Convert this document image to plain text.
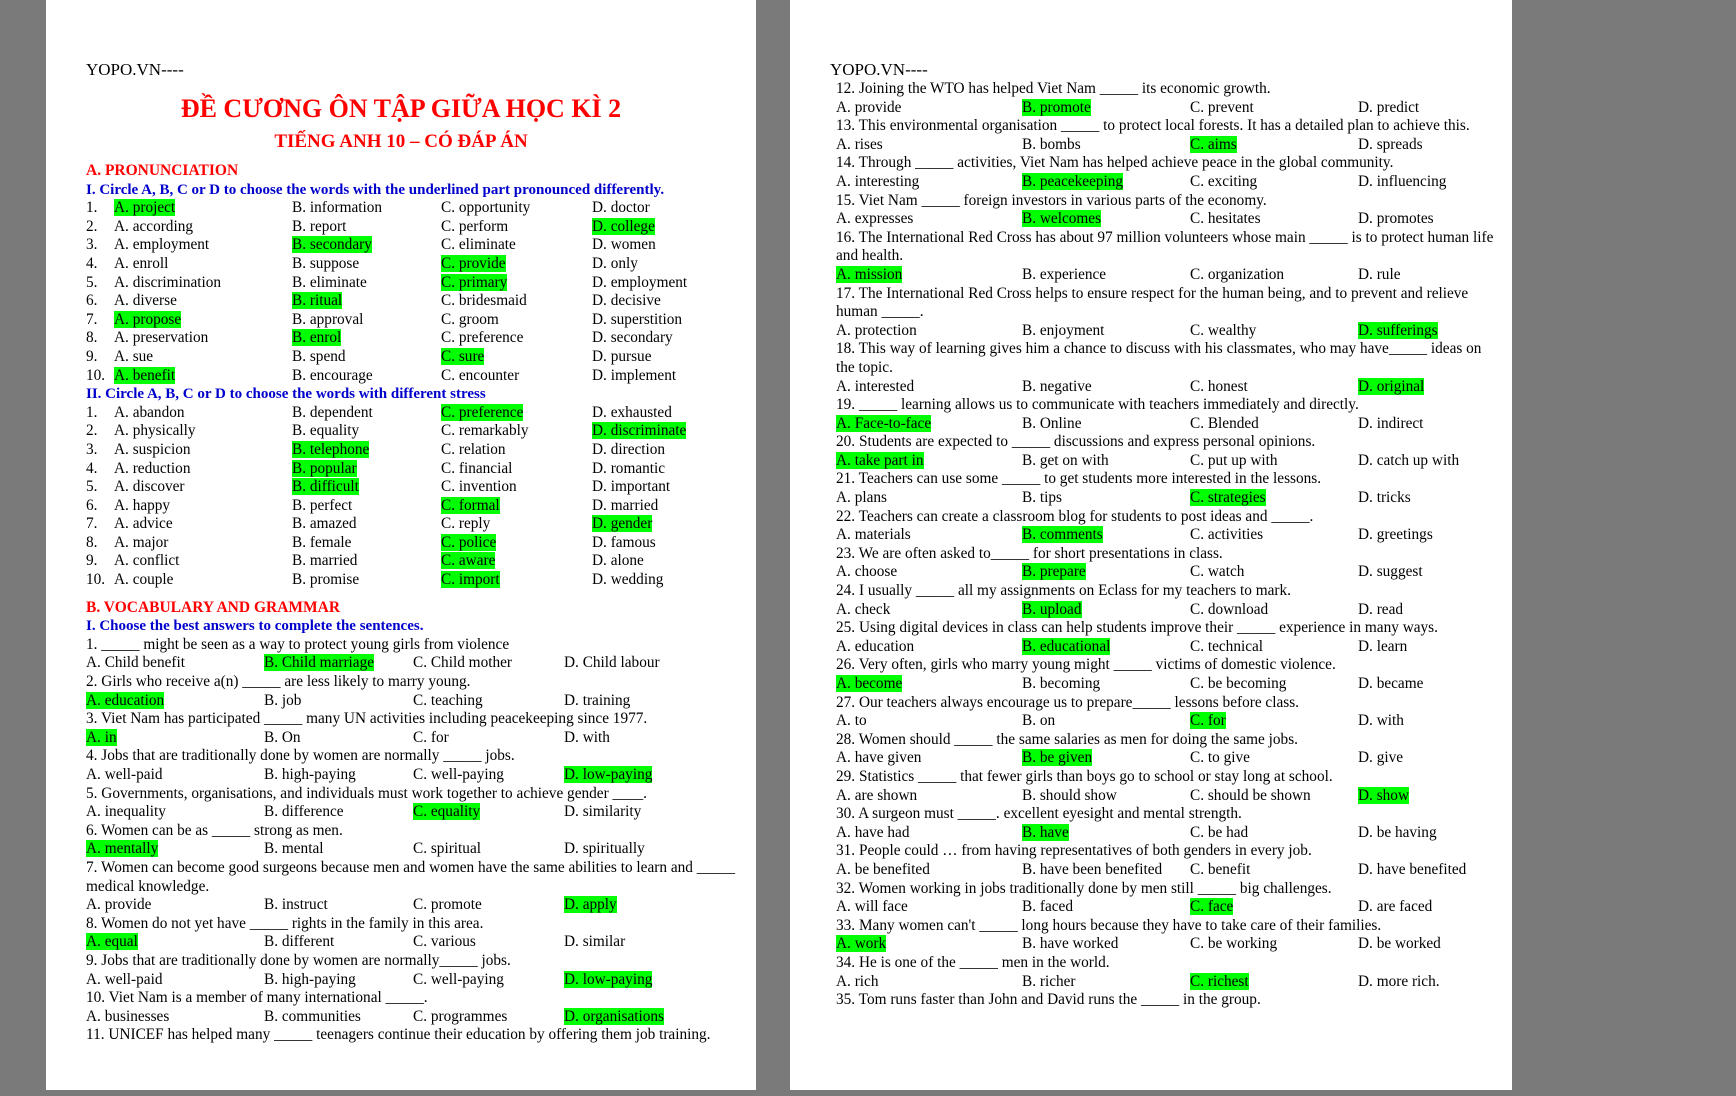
YOPO.VN----
ĐỀ CƯƠNG ÔN TẬP GIỮA HỌC KÌ 2
TIẾNG ANH 10 – CÓ ĐÁP ÁN
A. PRONUNCIATION
I. Circle A, B, C or D to choose the words with the underlined part pronounced differently.
1.	A. project	B. information	C. opportunity	D. doctor
2.	A. according	B. report	C. perform	D. college
3.	A. employment	B. secondary	C. eliminate	D. women
4.	A. enroll	B. suppose	C. provide	D. only
5.	A. discrimination	B. eliminate	C. primary	D. employment
6.	A. diverse	B. ritual	C. bridesmaid	D. decisive
7.	A. propose	B. approval	C. groom	D. superstition
8.	A. preservation	B. enrol	C. preference	D. secondary
9.	A. sue	B. spend	C. sure	D. pursue
10. A. benefit	B. encourage	C. encounter	D. implement
II. Circle A, B, C or D to choose the words with different stress
1.	A. abandon	B. dependent	C. preference	D. exhausted
2.	A. physically	B. equality	C. remarkably	D. discriminate
3.	A. suspicion	B. telephone	C. relation	D. direction
4.	A. reduction	B. popular	C. financial	D. romantic
5.	A. discover	B. difficult	C. invention	D. important
6.	A. happy	B. perfect	C. formal	D. married
7.	A. advice	B. amazed	C. reply	D. gender
8.	A. major	B. female	C. police	D. famous
9.	A. conflict	B. married	C. aware	D. alone
10. A. couple	B. promise	C. import	D. wedding
B. VOCABULARY AND GRAMMAR
I. Choose the best answers to complete the sentences.
1. _____ might be seen as a way to protect young girls from violence
A. Child benefit	B. Child marriage	C. Child mother	D. Child labour
2. Girls who receive a(n) _____ are less likely to marry young.
A. education	B. job	C. teaching	D. training
3. Viet Nam has participated _____ many UN activities including peacekeeping since 1977.
A. in	B. On	C. for	D. with
4. Jobs that are traditionally done by women are normally _____ jobs.
A. well-paid	B. high-paying	C. well-paying	D. low-paying
5. Governments, organisations, and individuals must work together to achieve gender ____.
A. inequality	B. difference	C. equality	D. similarity
6. Women can be as _____ strong as men.
A. mentally	B. mental	C. spiritual	D. spiritually
7. Women can become good surgeons because men and women have the same abilities to learn and _____ medical knowledge.
A. provide	B. instruct	C. promote	D. apply
8. Women do not yet have _____ rights in the family in this area.
A. equal	B. different	C. various	D. similar
9. Jobs that are traditionally done by women are normally_____ jobs.
A. well-paid	B. high-paying	C. well-paying	D. low-paying
10. Viet Nam is a member of many international _____.
A. businesses	B. communities	C. programmes	D. organisations
11. UNICEF has helped many _____ teenagers continue their education by offering them job training.
YOPO.VN----
12. Joining the WTO has helped Viet Nam _____ its economic growth.
A. provide	B. promote	C. prevent	D. predict
13. This environmental organisation _____ to protect local forests. It has a detailed plan to achieve this.
A. rises	B. bombs	C. aims	D. spreads
14. Through _____ activities, Viet Nam has helped achieve peace in the global community.
A. interesting	B. peacekeeping	C. exciting	D. influencing
15. Viet Nam _____ foreign investors in various parts of the economy.
A. expresses	B. welcomes	C. hesitates	D. promotes
16. The International Red Cross has about 97 million volunteers whose main _____ is to protect human life and health.
A. mission	B. experience	C. organization	D. rule
17. The International Red Cross helps to ensure respect for the human being, and to prevent and relieve human _____.
A. protection	B. enjoyment	C. wealthy	D. sufferings
18. This way of learning gives him a chance to discuss with his classmates, who may have_____ ideas on the topic.
A. interested	B. negative	C. honest	D. original
19. _____ learning allows us to communicate with teachers immediately and directly.
A. Face-to-face	B. Online	C. Blended	D. indirect
20. Students are expected to _____ discussions and express personal opinions.
A. take part in	B. get on with	C. put up with	D. catch up with
21. Teachers can use some _____ to get students more interested in the lessons.
A. plans	B. tips	C. strategies	D. tricks
22. Teachers can create a classroom blog for students to post ideas and _____.
A. materials	B. comments	C. activities	D. greetings
23. We are often asked to_____ for short presentations in class.
A. choose	B. prepare	C. watch	D. suggest
24. I usually _____ all my assignments on Eclass for my teachers to mark.
A. check	B. upload	C. download	D. read
25. Using digital devices in class can help students improve their _____ experience in many ways.
A. education	B. educational	C. technical	D. learn
26. Very often, girls who marry young might _____ victims of domestic violence.
A. become	B. becoming	C. be becoming	D. became
27. Our teachers always encourage us to prepare_____ lessons before class.
A. to	B. on	C. for	D. with
28. Women should _____ the same salaries as men for doing the same jobs.
A. have given	B. be given	C. to give	D. give
29. Statistics _____ that fewer girls than boys go to school or stay long at school.
A. are shown	B. should show	C. should be shown	D. show
30. A surgeon must _____. excellent eyesight and mental strength.
A. have had	B. have	C. be had	D. be having
31. People could … from having representatives of both genders in every job.
A. be benefited	B. have been benefited	C. benefit	D. have benefited
32. Women working in jobs traditionally done by men still _____ big challenges.
A. will face	B. faced	C. face	D. are faced
33. Many women can't _____ long hours because they have to take care of their families.
A. work	B. have worked	C. be working	D. be worked
34. He is one of the _____ men in the world.
A. rich	B. richer	C. richest	D. more rich.
35. Tom runs faster than John and David runs the _____ in the group.
